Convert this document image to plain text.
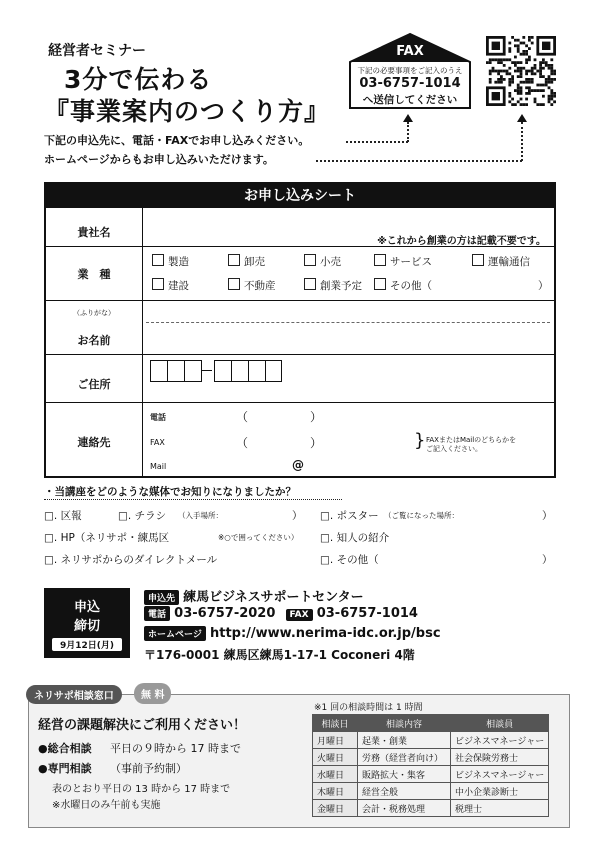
経営者セミナー
3分で伝わる
『事業案内のつくり方』
FAX
下記の必要事項をご記入のうえ
03-6757-1014
へ送信してください
下記の申込先に、電話・FAXでお申し込みください。
ホームページからもお申し込みいただけます。
お申し込みシート
貴社名
※これから創業の方は記載不要です。
業　種
製造	卸売	小売	サービス	運輸通信
建設	不動産	創業予定	その他（	）
（ふりがな）
お名前
ご住所
連絡先
電話	（	）
FAX	（	）
Mail	@
} FAXまたはMailのどちらかを
ご記入ください。
・当講座をどのような媒体でお知りになりましたか？
□. 区報	□. チラシ （入手場所：	） □. ポスター （ご覧になった場所：	）
□. HP（ネリサポ・練馬区	※○で囲ってください） □. 知人の紹介
□. ネリサポからのダイレクトメール	□. その他（	）
申込
締切
9月12日(月)
申込先 練馬ビジネスサポートセンター
電話 03-6757-2020 FAX 03-6757-1014
ホームページ http://www.nerima-idc.or.jp/bsc
〒176-0001 練馬区練馬1-17-1 Coconeri 4階
ネリサポ相談窓口	無 料
経営の課題解決にご利用ください！
●総合相談 平日の９時から 17 時まで
●専門相談 （事前予約制）
表のとおり平日の 13 時から 17 時まで
※水曜日のみ午前も実施
※1 回の相談時間は 1 時間
相談日	相談内容	相談員
月曜日	起業・創業	ビジネスマネージャー
火曜日	労務（経営者向け）	社会保険労務士
水曜日	販路拡大・集客	ビジネスマネージャー
木曜日	経営全般	中小企業診断士
金曜日	会計・税務処理	税理士
